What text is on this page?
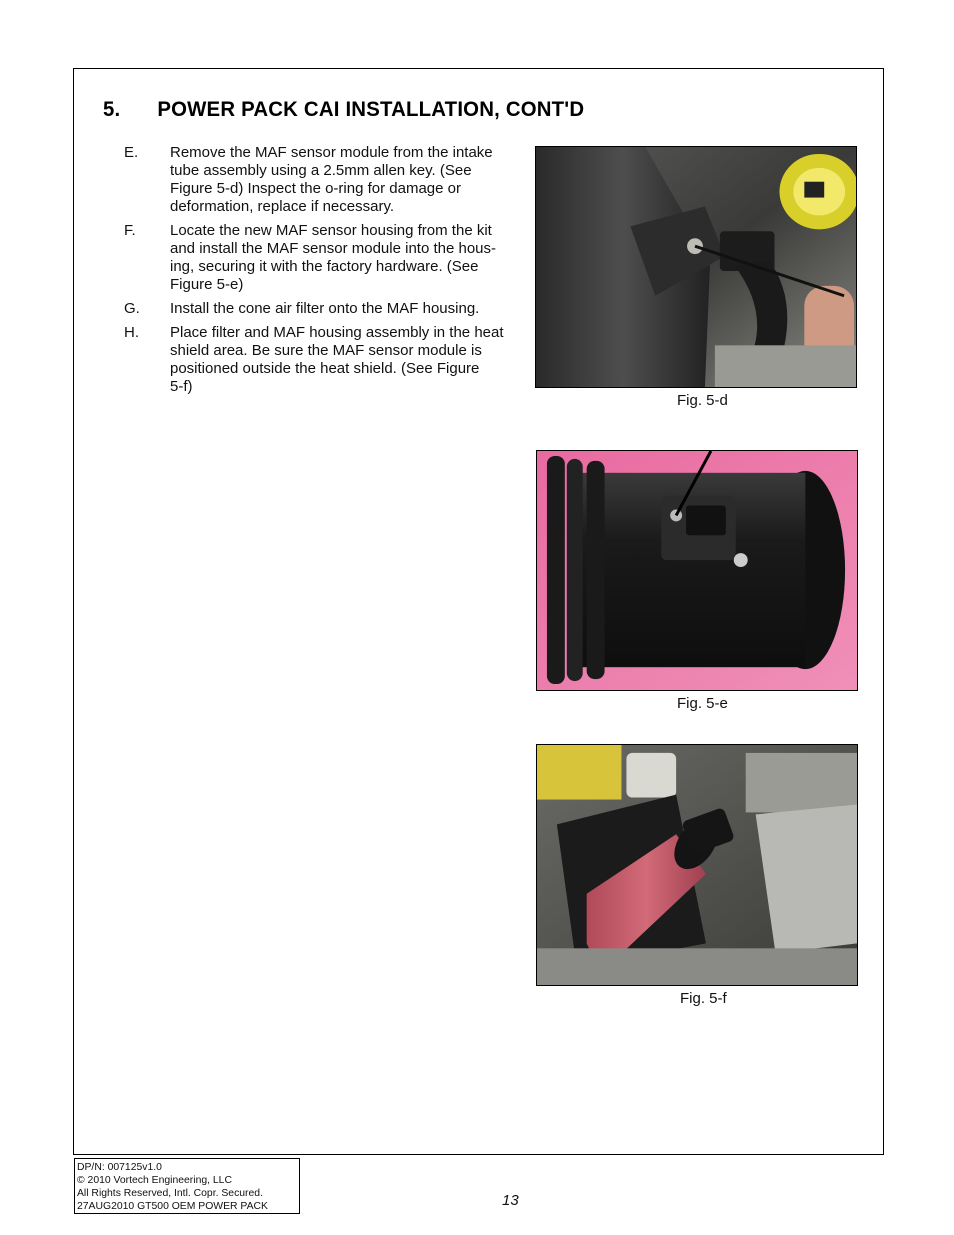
5. POWER PACK CAI INSTALLATION, CONT'D
E.	Remove the MAF sensor module from the intake
tube assembly using a 2.5mm allen key. (See
Figure 5-d) Inspect the o-ring for damage or
deformation, replace if necessary.
F.	Locate the new MAF sensor housing from the kit
and install the MAF sensor module into the hous-
ing, securing it with the factory hardware. (See
Figure 5-e)
G.	Install the cone air filter onto the MAF housing.
H.	Place filter and MAF housing assembly in the heat
shield area. Be sure the MAF sensor module is
positioned outside the heat shield. (See Figure
5-f)
Fig. 5-d
Fig. 5-e
Fig. 5-f
DP/N: 007125v1.0
© 2010 Vortech Engineering, LLC
All Rights Reserved, Intl. Copr. Secured.
27AUG2010 GT500 OEM POWER PACK	13
